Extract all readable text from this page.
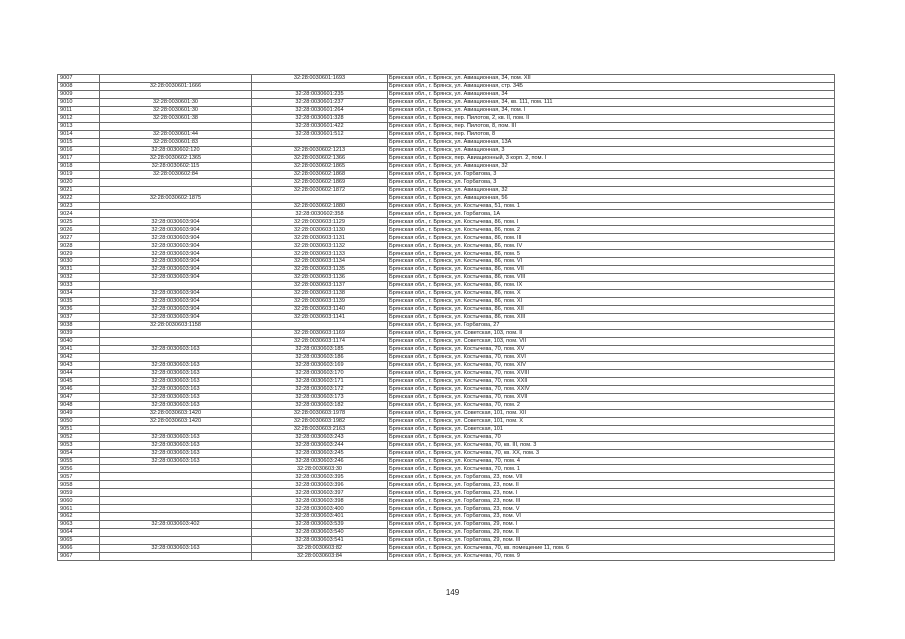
9007		32:28:0030601:1693	Брянская обл., г. Брянск, ул. Авиационная, 34, пом. XII
9008	32:28:0030601:1666		Брянская обл., г. Брянск, ул. Авиационная, стр. 34Б
9009		32:28:0030601:235	Брянская обл., г. Брянск, ул. Авиационная, 34
9010	32:28:0030601:30	32:28:0030601:237	Брянская обл., г. Брянск, ул. Авиационная, 34, кв. 111, пом. 111
9011	32:28:0030601:30	32:28:0030601:264	Брянская обл., г. Брянск, ул. Авиационная, 34, пом. I
9012	32:28:0030601:38	32:28:0030601:328	Брянская обл., г. Брянск, пер. Пилотов, 2, кв. II, пом. II
9013		32:28:0030601:422	Брянская обл., г. Брянск, пер. Пилотов, 8, пом. III
9014	32:28:0030601:44	32:28:0030601:512	Брянская обл., г. Брянск, пер. Пилотов, 8
9015	32:28:0030601:83		Брянская обл., г. Брянск, ул. Авиационная, 13А
9016	32:28:0030602:120	32:28:0030602:1213	Брянская обл., г. Брянск, ул. Авиационная, 3
9017	32:28:0030602:1365	32:28:0030602:1366	Брянская обл., г. Брянск, пер. Авиационный, 3 корп. 2, пом. I
9018	32:28:0030602:115	32:28:0030602:1865	Брянская обл., г. Брянск, ул. Авиационная, 32
9019	32:28:0030602:84	32:28:0030602:1868	Брянская обл., г. Брянск, ул. Горбатова, 3
9020		32:28:0030602:1869	Брянская обл., г. Брянск, ул. Горбатова, 3
9021		32:28:0030602:1872	Брянская обл., г. Брянск, ул. Авиационная, 32
9022	32:28:0030602:1875		Брянская обл., г. Брянск, ул. Авиационная, 56
9023		32:28:0030602:1880	Брянская обл., г. Брянск, ул. Костычева, 51, пом. 1
9024		32:28:0030602:358	Брянская обл., г. Брянск, ул. Горбатова, 1А
9025	32:28:0030603:904	32:28:0030603:1129	Брянская обл., г. Брянск, ул. Костычева, 86, пом. I
9026	32:28:0030603:904	32:28:0030603:1130	Брянская обл., г. Брянск, ул. Костычева, 86, пом. 2
9027	32:28:0030603:904	32:28:0030603:1131	Брянская обл., г. Брянск, ул. Костычева, 86, пом. III
9028	32:28:0030603:904	32:28:0030603:1132	Брянская обл., г. Брянск, ул. Костычева, 86, пом. IV
9029	32:28:0030603:904	32:28:0030603:1133	Брянская обл., г. Брянск, ул. Костычева, 86, пом. 5
9030	32:28:0030603:904	32:28:0030603:1134	Брянская обл., г. Брянск, ул. Костычева, 86, пом. VI
9031	32:28:0030603:904	32:28:0030603:1135	Брянская обл., г. Брянск, ул. Костычева, 86, пом. VII
9032	32:28:0030603:904	32:28:0030603:1136	Брянская обл., г. Брянск, ул. Костычева, 86, пом. VIII
9033		32:28:0030603:1137	Брянская обл., г. Брянск, ул. Костычева, 86, пом. IX
9034	32:28:0030603:904	32:28:0030603:1138	Брянская обл., г. Брянск, ул. Костычева, 86, пом. X
9035	32:28:0030603:904	32:28:0030603:1139	Брянская обл., г. Брянск, ул. Костычева, 86, пом. XI
9036	32:28:0030603:904	32:28:0030603:1140	Брянская обл., г. Брянск, ул. Костычева, 86, пом. XII
9037	32:28:0030603:904	32:28:0030603:1141	Брянская обл., г. Брянск, ул. Костычева, 86, пом. XIII
9038	32:28:0030603:1158		Брянская обл., г. Брянск, ул. Горбатова, 27
9039		32:28:0030603:1169	Брянская обл., г. Брянск, ул. Советская, 103, пом. II
9040		32:28:0030603:1174	Брянская обл., г. Брянск, ул. Советская, 103, пом. VII
9041	32:28:0030603:163	32:28:0030603:185	Брянская обл., г. Брянск, ул. Костычева, 70, пом. XV
9042		32:28:0030603:186	Брянская обл., г. Брянск, ул. Костычева, 70, пом. XVI
9043	32:28:0030603:163	32:28:0030603:169	Брянская обл., г. Брянск, ул. Костычева, 70, пом. XIV
9044	32:28:0030603:163	32:28:0030603:170	Брянская обл., г. Брянск, ул. Костычева, 70, пом. XVIII
9045	32:28:0030603:163	32:28:0030603:171	Брянская обл., г. Брянск, ул. Костычева, 70, пом. XXII
9046	32:28:0030603:163	32:28:0030603:172	Брянская обл., г. Брянск, ул. Костычева, 70, пом. XXIV
9047	32:28:0030603:163	32:28:0030603:173	Брянская обл., г. Брянск, ул. Костычева, 70, пом. XVII
9048	32:28:0030603:163	32:28:0030603:182	Брянская обл., г. Брянск, ул. Костычева, 70, пом. 2
9049	32:28:0030603:1420	32:28:0030603:1978	Брянская обл., г. Брянск, ул. Советская, 101, пом. XII
9050	32:28:0030603:1420	32:28:0030603:1982	Брянская обл., г. Брянск, ул. Советская, 101, пом. X
9051		32:28:0030603:2163	Брянская обл., г. Брянск, ул. Советская, 101
9052	32:28:0030603:163	32:28:0030603:243	Брянская обл., г. Брянск, ул. Костычева, 70
9053	32:28:0030603:163	32:28:0030603:244	Брянская обл., г. Брянск, ул. Костычева, 70, кв. III, пом. 3
9054	32:28:0030603:163	32:28:0030603:245	Брянская обл., г. Брянск, ул. Костычева, 70, кв. XX, пом. 3
9055	32:28:0030603:163	32:28:0030603:246	Брянская обл., г. Брянск, ул. Костычева, 70, пом. 4
9056		32:28:0030603:30	Брянская обл., г. Брянск, ул. Костычева, 70, пом. 1
9057		32:28:0030603:395	Брянская обл., г. Брянск, ул. Горбатова, 23, пом. VII
9058		32:28:0030603:396	Брянская обл., г. Брянск, ул. Горбатова, 23, пом. II
9059		32:28:0030603:397	Брянская обл., г. Брянск, ул. Горбатова, 23, пом. I
9060		32:28:0030603:398	Брянская обл., г. Брянск, ул. Горбатова, 23, пом. III
9061		32:28:0030603:400	Брянская обл., г. Брянск, ул. Горбатова, 23, пом. V
9062		32:28:0030603:401	Брянская обл., г. Брянск, ул. Горбатова, 23, пом. VI
9063	32:28:0030603:402	32:28:0030603:539	Брянская обл., г. Брянск, ул. Горбатова, 29, пом. I
9064		32:28:0030603:540	Брянская обл., г. Брянск, ул. Горбатова, 29, пом. II
9065		32:28:0030603:541	Брянская обл., г. Брянск, ул. Горбатова, 29, пом. III
9066	32:28:0030603:163	32:28:0030603:82	Брянская обл., г. Брянск, ул. Костычева, 70, кв. помещение 11, пом. 6
9067		32:28:0030603:84	Брянская обл., г. Брянск, ул. Костычева, 70, пом. 9
149
